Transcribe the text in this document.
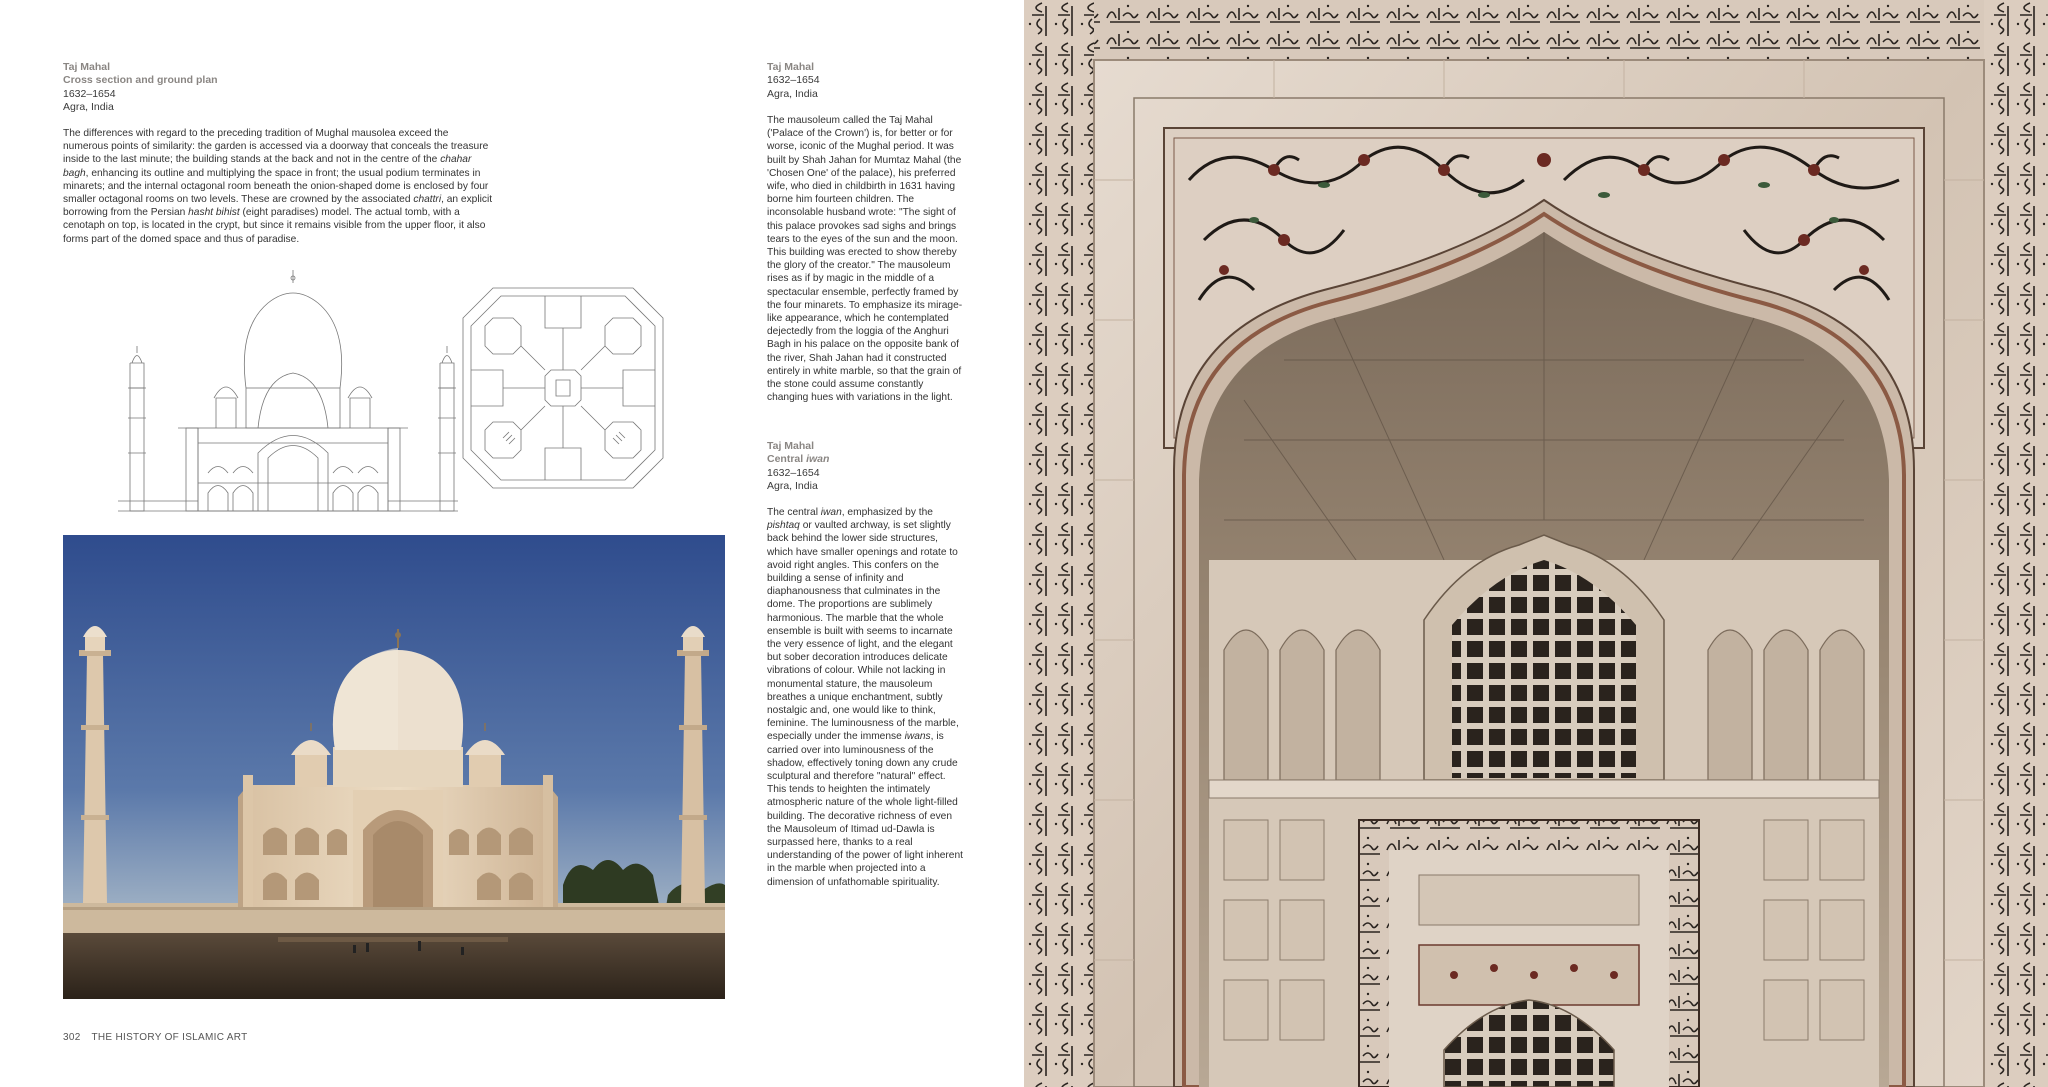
Taj Mahal
Cross section and ground plan
1632–1654
Agra, India

The differences with regard to the preceding tradition of Mughal mausolea exceed the numerous points of similarity: the garden is accessed via a doorway that conceals the treasure inside to the last minute; the building stands at the back and not in the centre of the chahar bagh, enhancing its outline and multiplying the space in front; the usual podium terminates in minarets; and the internal octagonal room beneath the onion-shaped dome is enclosed by four smaller octagonal rooms on two levels. These are crowned by the associated chattri, an explicit borrowing from the Persian hasht bihist (eight paradises) model. The actual tomb, with a cenotaph on top, is located in the crypt, but since it remains visible from the upper floor, it also forms part of the domed space and thus of paradise.

302 THE HISTORY OF ISLAMIC ART
Taj Mahal
1632–1654
Agra, India

The mausoleum called the Taj Mahal ('Palace of the Crown') is, for better or for worse, iconic of the Mughal period. It was built by Shah Jahan for Mumtaz Mahal (the 'Chosen One' of the palace), his preferred wife, who died in childbirth in 1631 having borne him fourteen children. The inconsolable husband wrote: "The sight of this palace provokes sad sighs and brings tears to the eyes of the sun and the moon. This building was erected to show thereby the glory of the creator." The mausoleum rises as if by magic in the middle of a spectacular ensemble, perfectly framed by the four minarets. To emphasize its mirage-like appearance, which he contemplated dejectedly from the loggia of the Anghuri Bagh in his palace on the opposite bank of the river, Shah Jahan had it constructed entirely in white marble, so that the grain of the stone could assume constantly changing hues with variations in the light.

Taj Mahal
Central iwan
1632–1654
Agra, India

The central iwan, emphasized by the pishtaq or vaulted archway, is set slightly back behind the lower side structures, which have smaller openings and rotate to avoid right angles. This confers on the building a sense of infinity and diaphanousness that culminates in the dome. The proportions are sublimely harmonious. The marble that the whole ensemble is built with seems to incarnate the very essence of light, and the elegant but sober decoration introduces delicate vibrations of colour. While not lacking in monumental stature, the mausoleum breathes a unique enchantment, subtly nostalgic and, one would like to think, feminine. The luminousness of the marble, especially under the immense iwans, is carried over into luminousness of the shadow, effectively toning down any crude sculptural and therefore "natural" effect. This tends to heighten the intimately atmospheric nature of the whole light-filled building. The decorative richness of even the Mausoleum of Itimad ud-Dawla is surpassed here, thanks to a real understanding of the power of light inherent in the marble when projected into a dimension of unfathomable spirituality.
